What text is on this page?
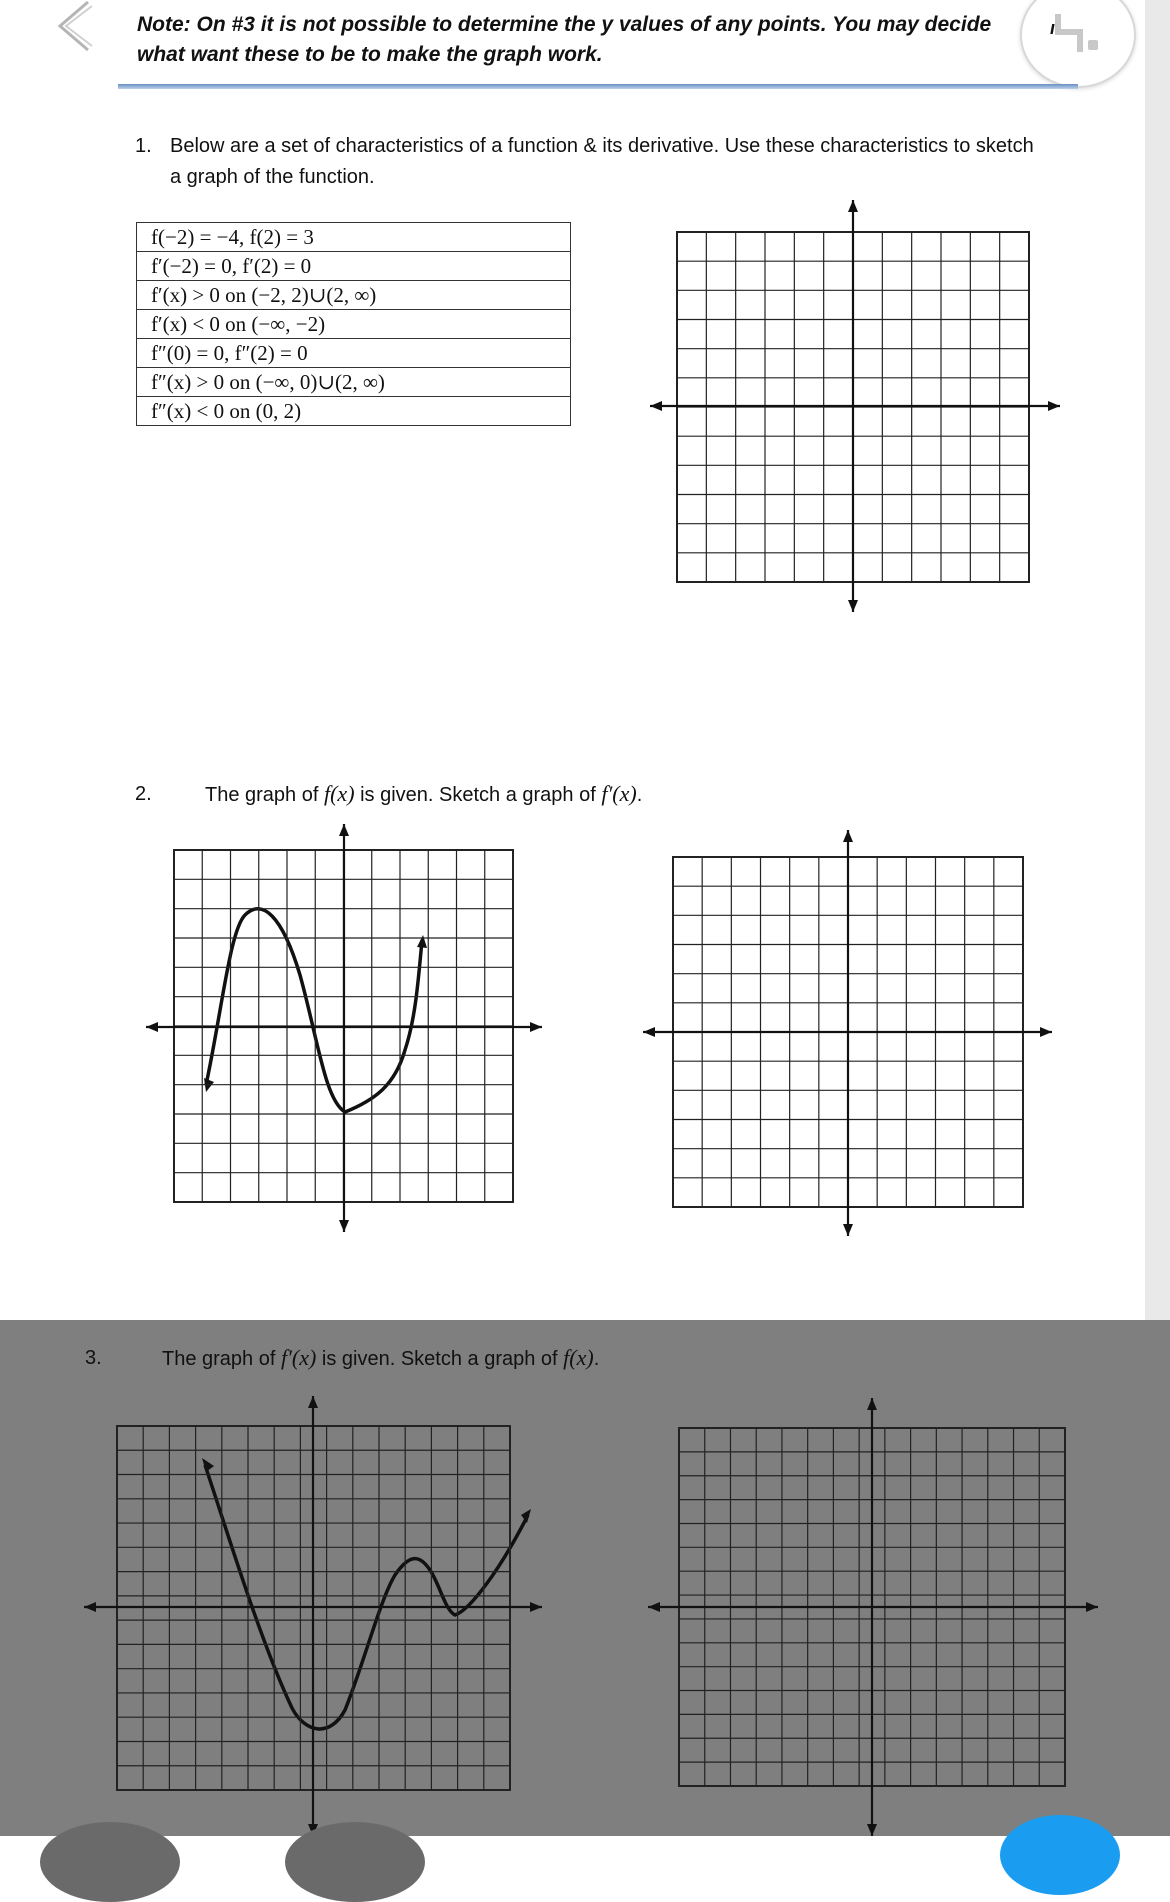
ı
Note: On #3 it is not possible to determine the y values of any points. You may decide what want these to be to make the graph work.
1. Below are a set of characteristics of a function & its derivative. Use these characteristics to sketch a graph of the function.
f(−2) = −4, f(2) = 3
f′(−2) = 0, f′(2) = 0
f′(x) > 0 on (−2, 2)∪(2, ∞)
f′(x) < 0 on (−∞, −2)
f″(0) = 0, f″(2) = 0
f″(x) > 0 on (−∞, 0)∪(2, ∞)
f″(x) < 0 on (0, 2)
2.	The graph of f(x) is given. Sketch a graph of f′(x).
3.	The graph of f′(x) is given. Sketch a graph of f(x).
